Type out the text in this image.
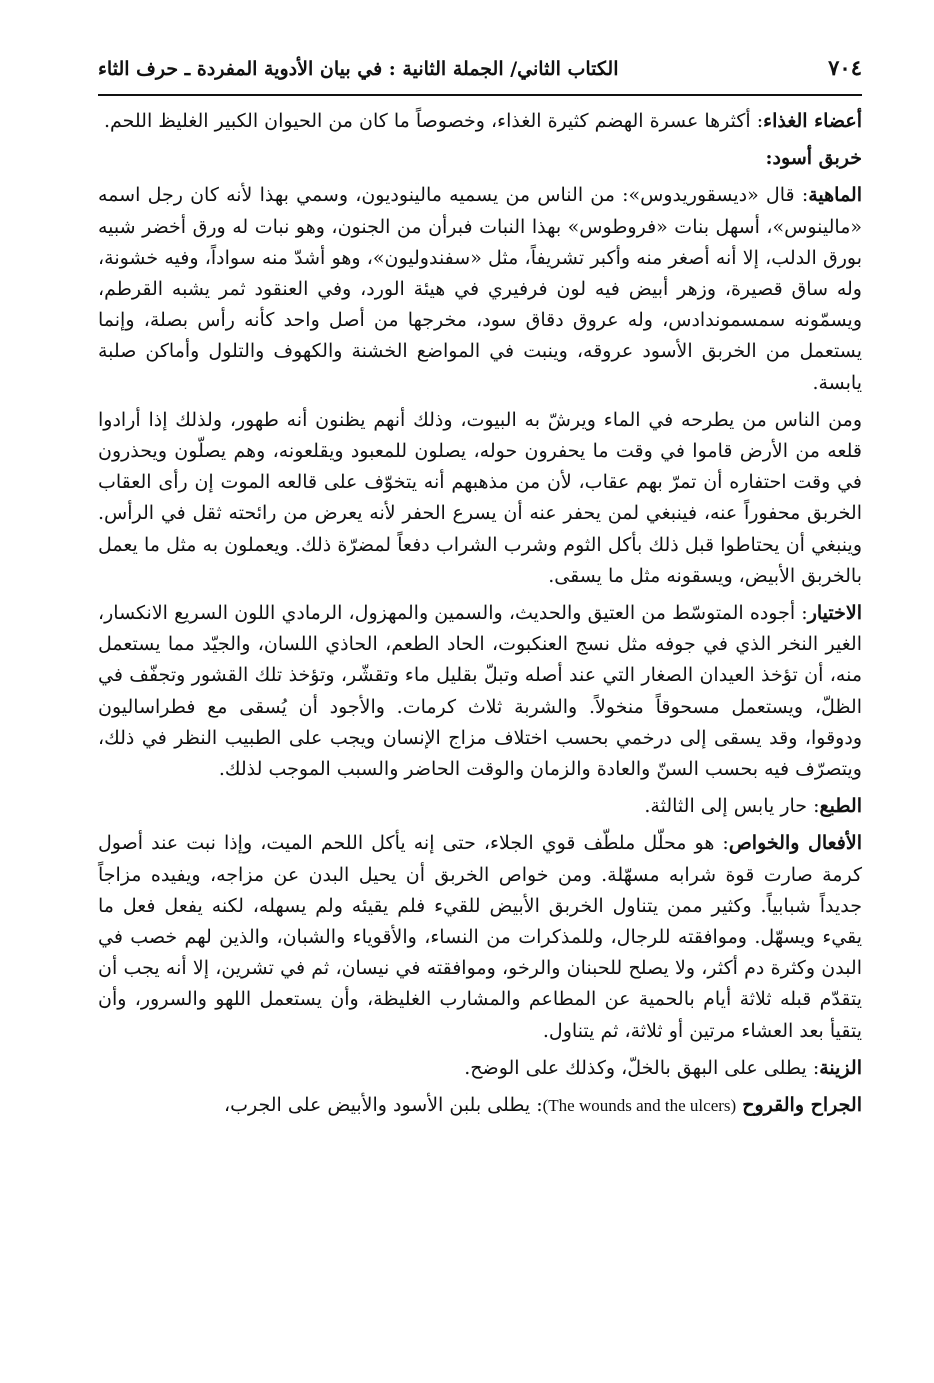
٧٠٤
الكتاب الثاني/ الجملة الثانية : في بيان الأدوية المفردة ـ حرف الثاء

أعضاء الغذاء: أكثرها عسرة الهضم كثيرة الغذاء، وخصوصاً ما كان من الحيوان الكبير الغليظ اللحم.

خربق أسود:

الماهية: قال «ديسقوريدوس»: من الناس من يسميه مالينوديون، وسمي بهذا لأنه كان رجل اسمه «مالينوس»، أسهل بنات «فروطوس» بهذا النبات فبرأن من الجنون، وهو نبات له ورق أخضر شبيه بورق الدلب، إلا أنه أصغر منه وأكبر تشريفاً، مثل «سفندوليون»، وهو أشدّ منه سواداً، وفيه خشونة، وله ساق قصيرة، وزهر أبيض فيه لون فرفيري في هيئة الورد، وفي العنقود ثمر يشبه القرطم، ويسمّونه سمسموندادس، وله عروق دقاق سود، مخرجها من أصل واحد كأنه رأس بصلة، وإنما يستعمل من الخربق الأسود عروقه، وينبت في المواضع الخشنة والكهوف والتلول وأماكن صلبة يابسة.

ومن الناس من يطرحه في الماء ويرشّ به البيوت، وذلك أنهم يظنون أنه طهور، ولذلك إذا أرادوا قلعه من الأرض قاموا في وقت ما يحفرون حوله، يصلون للمعبود ويقلعونه، وهم يصلّون ويحذرون في وقت احتفاره أن تمرّ بهم عقاب، لأن من مذهبهم أنه يتخوّف على قالعه الموت إن رأى العقاب الخربق محفوراً عنه، فينبغي لمن يحفر عنه أن يسرع الحفر لأنه يعرض من رائحته ثقل في الرأس. وينبغي أن يحتاطوا قبل ذلك بأكل الثوم وشرب الشراب دفعاً لمضرّة ذلك. ويعملون به مثل ما يعمل بالخربق الأبيض، ويسقونه مثل ما يسقى.

الاختيار: أجوده المتوسّط من العتيق والحديث، والسمين والمهزول، الرمادي اللون السريع الانكسار، الغير النخر الذي في جوفه مثل نسج العنكبوت، الحاد الطعم، الحاذي اللسان، والجيّد مما يستعمل منه، أن تؤخذ العيدان الصغار التي عند أصله وتبلّ بقليل ماء وتقشّر، وتؤخذ تلك القشور وتجفّف في الظلّ، ويستعمل مسحوقاً منخولاً. والشربة ثلاث كرمات. والأجود أن يُسقى مع فطراساليون ودوقوا، وقد يسقى إلى درخمي بحسب اختلاف مزاج الإنسان ويجب على الطبيب النظر في ذلك، ويتصرّف فيه بحسب السنّ والعادة والزمان والوقت الحاضر والسبب الموجب لذلك.

الطبع: حار يابس إلى الثالثة.

الأفعال والخواص: هو محلّل ملطّف قوي الجلاء، حتى إنه يأكل اللحم الميت، وإذا نبت عند أصول كرمة صارت قوة شرابه مسهّلة. ومن خواص الخربق أن يحيل البدن عن مزاجه، ويفيده مزاجاً جديداً شبابياً. وكثير ممن يتناول الخربق الأبيض للقيء فلم يقيئه ولم يسهله، لكنه يفعل فعل ما يقيء ويسهّل. وموافقته للرجال، وللمذكرات من النساء، والأقوياء والشبان، والذين لهم خصب في البدن وكثرة دم أكثر، ولا يصلح للحبنان والرخو، وموافقته في نيسان، ثم في تشرين، إلا أنه يجب أن يتقدّم قبله ثلاثة أيام بالحمية عن المطاعم والمشارب الغليظة، وأن يستعمل اللهو والسرور، وأن يتقيأ بعد العشاء مرتين أو ثلاثة، ثم يتناول.

الزينة: يطلى على البهق بالخلّ، وكذلك على الوضح.

الجراح والقروح (The wounds and the ulcers): يطلى بلبن الأسود والأبيض على الجرب،
